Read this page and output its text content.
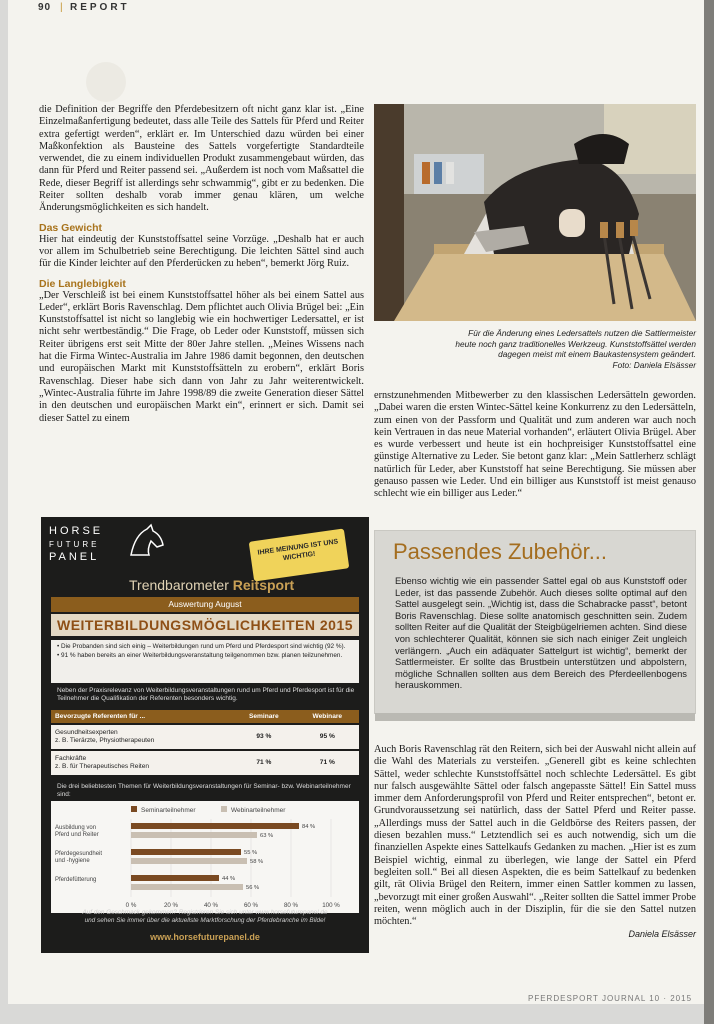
90 | REPORT

die Definition der Begriffe den Pferdebesitzern oft nicht ganz klar ist. „Eine Einzelmaßanfertigung bedeutet, dass alle Teile des Sattels für Pferd und Reiter extra gefertigt werden“, erklärt er. Im Unterschied dazu würden bei einer Maßkonfektion als Bausteine des Sattels vorgefertigte Standardteile verwendet, die zu einem individuellen Produkt zusammengebaut würden, das dann für Pferd und Reiter passend sei. „Außerdem ist noch vom Maßsattel die Rede, dieser Begriff ist allerdings sehr schwammig“, gibt er zu bedenken. Die Reiter sollten deshalb vorab immer genau klären, um welche Änderungsmöglichkeiten es sich handelt.

Das Gewicht

Hier hat eindeutig der Kunststoffsattel seine Vorzüge. „Deshalb hat er auch vor allem im Schulbetrieb seine Berechtigung. Die leichten Sättel sind auch für die Kinder leichter auf den Pferderücken zu heben“, bemerkt Jörg Ruiz.

Die Langlebigkeit

„Der Verschleiß ist bei einem Kunststoffsattel höher als bei einem Sattel aus Leder“, erklärt Boris Ravenschlag. Dem pflichtet auch Olivia Brügel bei: „Ein Kunststoffsattel ist nicht so langlebig wie ein hochwertiger Ledersattel, er ist nicht sehr wertbeständig.“ Die Frage, ob Leder oder Kunststoff, müssen sich Reiter übrigens erst seit Mitte der 80er Jahre stellen. „Meines Wissens nach hat die Firma Wintec-Australia im Jahre 1986 damit begonnen, den deutschen und europäischen Markt mit Kunststoffsätteln zu erobern“, erklärt Boris Ravenschlag. Dieser habe sich dann von Jahr zu Jahr weiterentwickelt. „Wintec-Australia führte im Jahre 1998/89 die zweite Generation dieser Sättel in den deutschen und europäischen Markt ein“, erinnert er sich. Damit sei dieser Sattel zu einem

Für die Änderung eines Ledersattels nutzen die Sattlermeister
heute noch ganz traditionelles Werkzeug. Kunststoffsättel werden
dagegen meist mit einem Baukastensystem geändert.
Foto: Daniela Elsässer

ernstzunehmenden Mitbewerber zu den klassischen Ledersätteln geworden. „Dabei waren die ersten Wintec-Sättel keine Konkurrenz zu den Ledersätteln, zum einen von der Passform und Qualität und zum anderen war auch noch kein Vertrauen in das neue Material vorhanden“, erläutert Olivia Brügel. Aber es wurde verbessert und heute ist ein hochpreisiger Kunststoffsattel eine günstige Alternative zu Leder. Sie betont ganz klar: „Mein Sattlerherz schlägt natürlich für Leder, aber Kunststoff hat seine Berechtigung. Sie müssen aber genauso passen wie Leder. Und ein billiger aus Kunststoff ist meist genauso schlecht wie ein billiger aus Leder.“

Passendes Zubehör...

Ebenso wichtig wie ein passender Sattel egal ob aus Kunststoff oder Leder, ist das passende Zubehör. Auch dieses sollte optimal auf den Sattel ausgelegt sein. „Wichtig ist, dass die Schabracke passt“, betont Boris Ravenschlag. Diese sollte anatomisch geschnitten sein. Zudem sollten Reiter auf die Qualität der Steigbügelriemen achten. Sind diese von schlechterer Qualität, können sie sich nach einiger Zeit ungleich verlängern. „Auch ein adäquater Sattelgurt ist wichtig“, bemerkt der Sattlermeister. Er sollte das Brustbein unterstützen und abpolstern, mögliche Schnallen sollten aus dem Bereich des Pferdeellenbogens herauskommen.

Auch Boris Ravenschlag rät den Reitern, sich bei der Auswahl nicht allein auf die Wahl des Materials zu versteifen. „Generell gibt es keine schlechten Sättel, weder schlechte Kunststoffsättel noch schlechte Ledersättel. Es gibt nur falsch ausgewählte Sättel oder falsch angepasste Sättel! Ein Sattel muss immer dem Anforderungsprofil von Pferd und Reiter entsprechen“, betont er. Grundvoraussetzung sei natürlich, dass der Sattel Pferd und Reiter passe. „Allerdings muss der Sattel auch in die Geldbörse des Reiters passen, der diesen bezahlen muss.“ Letztendlich sei es auch notwendig, sich um die finanziellen Aspekte eines Sattelkaufs Gedanken zu machen. „Hier ist es zum Beispiel wichtig, einmal zu überlegen, wie lange der Sattel ein Pferd begleiten soll.“ Bei all diesen Aspekten, die es beim Sattelkauf zu bedenken gilt, rät Olivia Brügel den Reitern, immer einen Sattler kommen zu lassen, „bevorzugt mit einer großen Auswahl“. „Reiter sollten die Sattel immer Probe reiten, wenn möglich auch in der Disziplin, für die sie den Sattel nutzen möchten.“

Daniela Elsässer

HORSE
FUTURE
PANEL
IHRE MEINUNG IST UNS WICHTIG!
Trendbarometer Reitsport
Auswertung August
WEITERBILDUNGSMÖGLICHKEITEN 2015
• Die Probanden sind sich einig – Weiterbildungen rund um Pferd und Pferdesport sind wichtig (92 %).
• 91 % haben bereits an einer Weiterbildungsveranstaltung teilgenommen bzw. planen teilzunehmen.
Neben der Praxisrelevanz von Weiterbildungsveranstaltungen rund um Pferd und Pferdesport ist für die Teilnehmer die Qualifikation der Referenten besonders wichtig.
Bevorzugte Referenten für ...	Seminare	Webinare

Gesundheitsexperten
z. B. Tierärzte, Physiotherapeuten	93 %	95 %

Fachkräfte
z. B. für Therapeutisches Reiten	71 %	71 %
Die drei beliebtesten Themen für Weiterbildungsveranstaltungen für Seminar- bzw. Webinarteilnehmer sind:
Seminarteilnehmer	Webinarteilnehmer
0 %	20 %	40 %	60 %	80 %	100 %
Ausbildung von Pferd und Reiter
84 %
63 %
Pferdegesundheit und -hygiene
55 %
58 %
Pferdefütterung	44 %
56 %
Auf den Geschmack gekommen? Registrieren Sie sich unter www.horsefuturepanel.de
und sehen Sie immer über die aktuellste Marktforschung der Pferdebranche im Bilde!
www.horsefuturepanel.de
PFERDESPORT JOURNAL 10 · 2015
